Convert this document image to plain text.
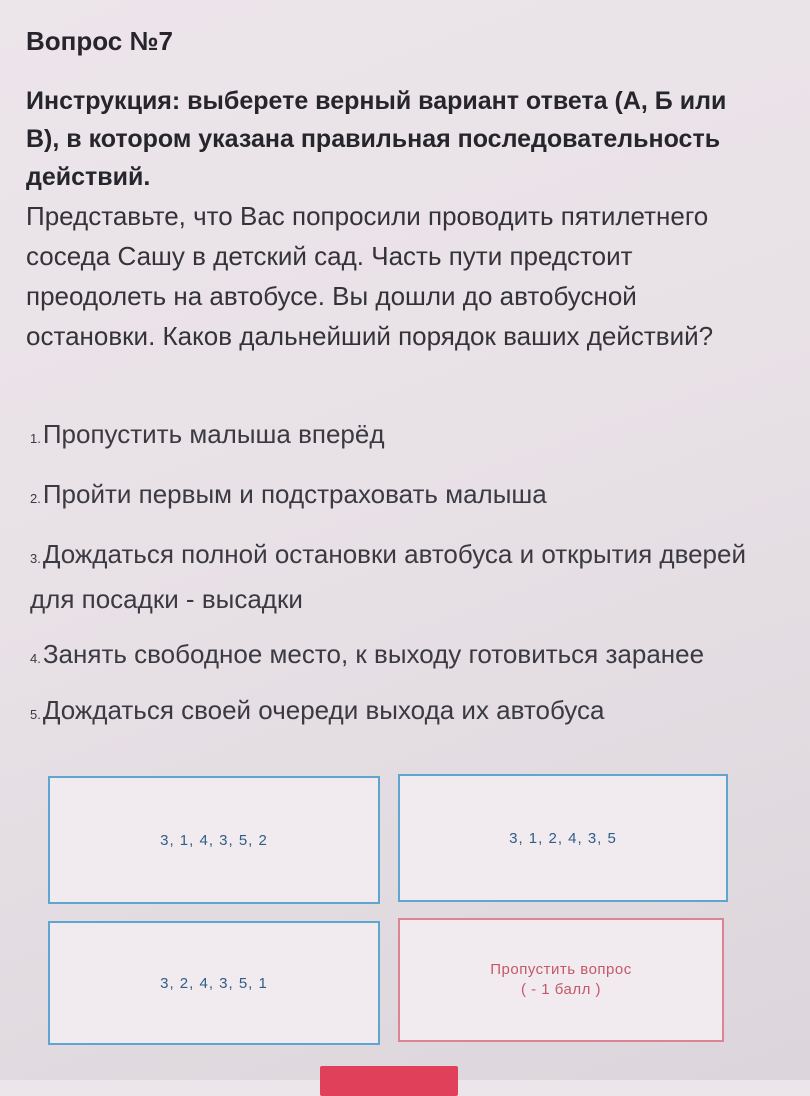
Вопрос №7
Инструкция: выберете верный вариант ответа (А, Б или В), в котором указана правильная последовательность действий.
Представьте, что Вас попросили проводить пятилетнего соседа Сашу в детский сад. Часть пути предстоит преодолеть на автобусе. Вы дошли до автобусной остановки. Каков дальнейший порядок ваших действий?
1.Пропустить малыша вперёд
2.Пройти первым и подстраховать малыша
3.Дождаться полной остановки автобуса и открытия дверей для посадки - высадки
4.Занять свободное место, к выходу готовиться заранее
5.Дождаться своей очереди выхода их автобуса
3, 1, 4, 3, 5, 2	3, 1, 2, 4, 3, 5
3, 2, 4, 3, 5, 1
Пропустить вопрос
( - 1 балл )
